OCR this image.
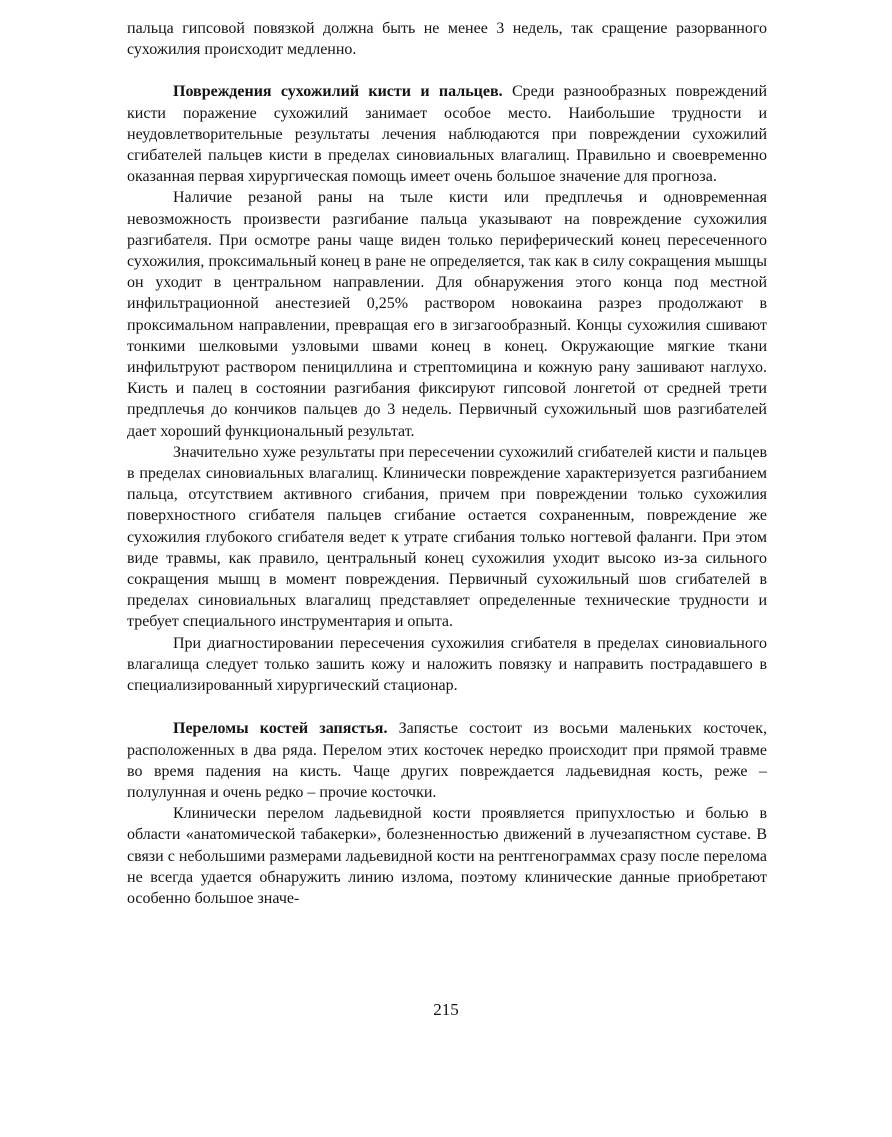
пальца гипсовой повязкой должна быть не менее 3 недель, так сращение разорванного сухожилия происходит медленно.

Повреждения сухожилий кисти и пальцев. Среди разнообразных повреждений кисти поражение сухожилий занимает особое место. Наибольшие трудности и неудовлетворительные результаты лечения наблюдаются при повреждении сухожилий сгибателей пальцев кисти в пределах синовиальных влагалищ. Правильно и своевременно оказанная первая хирургическая помощь имеет очень большое значение для прогноза.

Наличие резаной раны на тыле кисти или предплечья и одновременная невозможность произвести разгибание пальца указывают на повреждение сухожилия разгибателя. При осмотре раны чаще виден только периферический конец пересеченного сухожилия, проксимальный конец в ране не определяется, так как в силу сокращения мышцы он уходит в центральном направлении. Для обнаружения этого конца под местной инфильтрационной анестезией 0,25% раствором новокаина разрез продолжают в проксимальном направлении, превращая его в зигзагообразный. Концы сухожилия сшивают тонкими шелковыми узловыми швами конец в конец. Окружающие мягкие ткани инфильтруют раствором пенициллина и стрептомицина и кожную рану зашивают наглухо. Кисть и палец в состоянии разгибания фиксируют гипсовой лонгетой от средней трети предплечья до кончиков пальцев до 3 недель. Первичный сухожильный шов разгибателей дает хороший функциональный результат.

Значительно хуже результаты при пересечении сухожилий сгибателей кисти и пальцев в пределах синовиальных влагалищ. Клинически повреждение характеризуется разгибанием пальца, отсутствием активного сгибания, причем при повреждении только сухожилия поверхностного сгибателя пальцев сгибание остается сохраненным, повреждение же сухожилия глубокого сгибателя ведет к утрате сгибания только ногтевой фаланги. При этом виде травмы, как правило, центральный конец сухожилия уходит высоко из-за сильного сокращения мышц в момент повреждения. Первичный сухожильный шов сгибателей в пределах синовиальных влагалищ представляет определенные технические трудности и требует специального инструментария и опыта.

При диагностировании пересечения сухожилия сгибателя в пределах синовиального влагалища следует только зашить кожу и наложить повязку и направить пострадавшего в специализированный хирургический стационар.

Переломы костей запястья. Запястье состоит из восьми маленьких косточек, расположенных в два ряда. Перелом этих косточек нередко происходит при прямой травме во время падения на кисть. Чаще других повреждается ладьевидная кость, реже – полулунная и очень редко – прочие косточки.

Клинически перелом ладьевидной кости проявляется припухлостью и болью в области «анатомической табакерки», болезненностью движений в лучезапястном суставе. В связи с небольшими размерами ладьевидной кости на рентгенограммах сразу после перелома не всегда удается обнаружить линию излома, поэтому клинические данные приобретают особенно большое значе-

215
